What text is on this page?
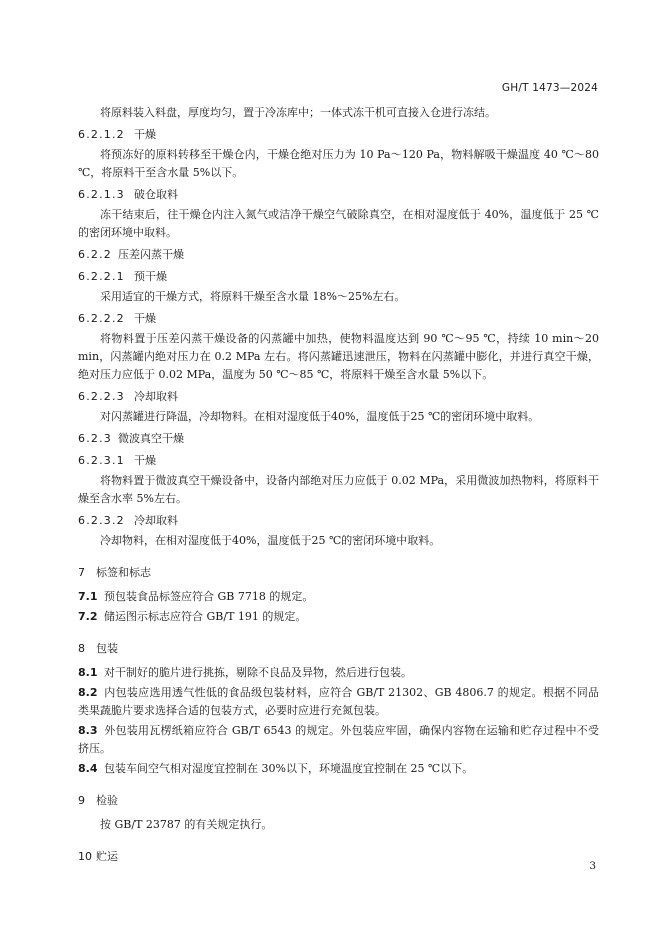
GH/T 1473—2024

将原料装入料盘，厚度均匀，置于冷冻库中；一体式冻干机可直接入仓进行冻结。

6.2.1.2 干燥

将预冻好的原料转移至干燥仓内，干燥仓绝对压力为 10 Pa～120 Pa，物料解吸干燥温度 40 ℃～80 ℃，将原料干至含水量 5%以下。

6.2.1.3 破仓取料

冻干结束后，往干燥仓内注入氮气或洁净干燥空气破除真空，在相对湿度低于 40%，温度低于 25 ℃的密闭环境中取料。

6.2.2 压差闪蒸干燥
6.2.2.1 预干燥

采用适宜的干燥方式，将原料干燥至含水量 18%～25%左右。

6.2.2.2 干燥

将物料置于压差闪蒸干燥设备的闪蒸罐中加热，使物料温度达到 90 ℃～95 ℃，持续 10 min～20 min，闪蒸罐内绝对压力在 0.2 MPa 左右。将闪蒸罐迅速泄压，物料在闪蒸罐中膨化，并进行真空干燥，绝对压力应低于 0.02 MPa，温度为 50 ℃～85 ℃，将原料干燥至含水量 5%以下。

6.2.2.3 冷却取料

对闪蒸罐进行降温，冷却物料。在相对湿度低于40%，温度低于25 ℃的密闭环境中取料。

6.2.3 微波真空干燥
6.2.3.1 干燥

将物料置于微波真空干燥设备中，设备内部绝对压力应低于 0.02 MPa，采用微波加热物料，将原料干燥至含水率 5%左右。

6.2.3.2 冷却取料

冷却物料，在相对湿度低于40%，温度低于25 ℃的密闭环境中取料。

7 标签和标志

7.1 预包装食品标签应符合 GB 7718 的规定。

7.2 储运图示标志应符合 GB/T 191 的规定。

8 包装

8.1 对干制好的脆片进行挑拣，剔除不良品及异物，然后进行包装。

8.2 内包装应选用透气性低的食品级包装材料，应符合 GB/T 21302、GB 4806.7 的规定。根据不同品类果蔬脆片要求选择合适的包装方式，必要时应进行充氮包装。

8.3 外包装用瓦楞纸箱应符合 GB/T 6543 的规定。外包装应牢固，确保内容物在运输和贮存过程中不受挤压。

8.4 包装车间空气相对湿度宜控制在 30%以下，环境温度宜控制在 25 ℃以下。

9 检验

按 GB/T 23787 的有关规定执行。

10 贮运
3
